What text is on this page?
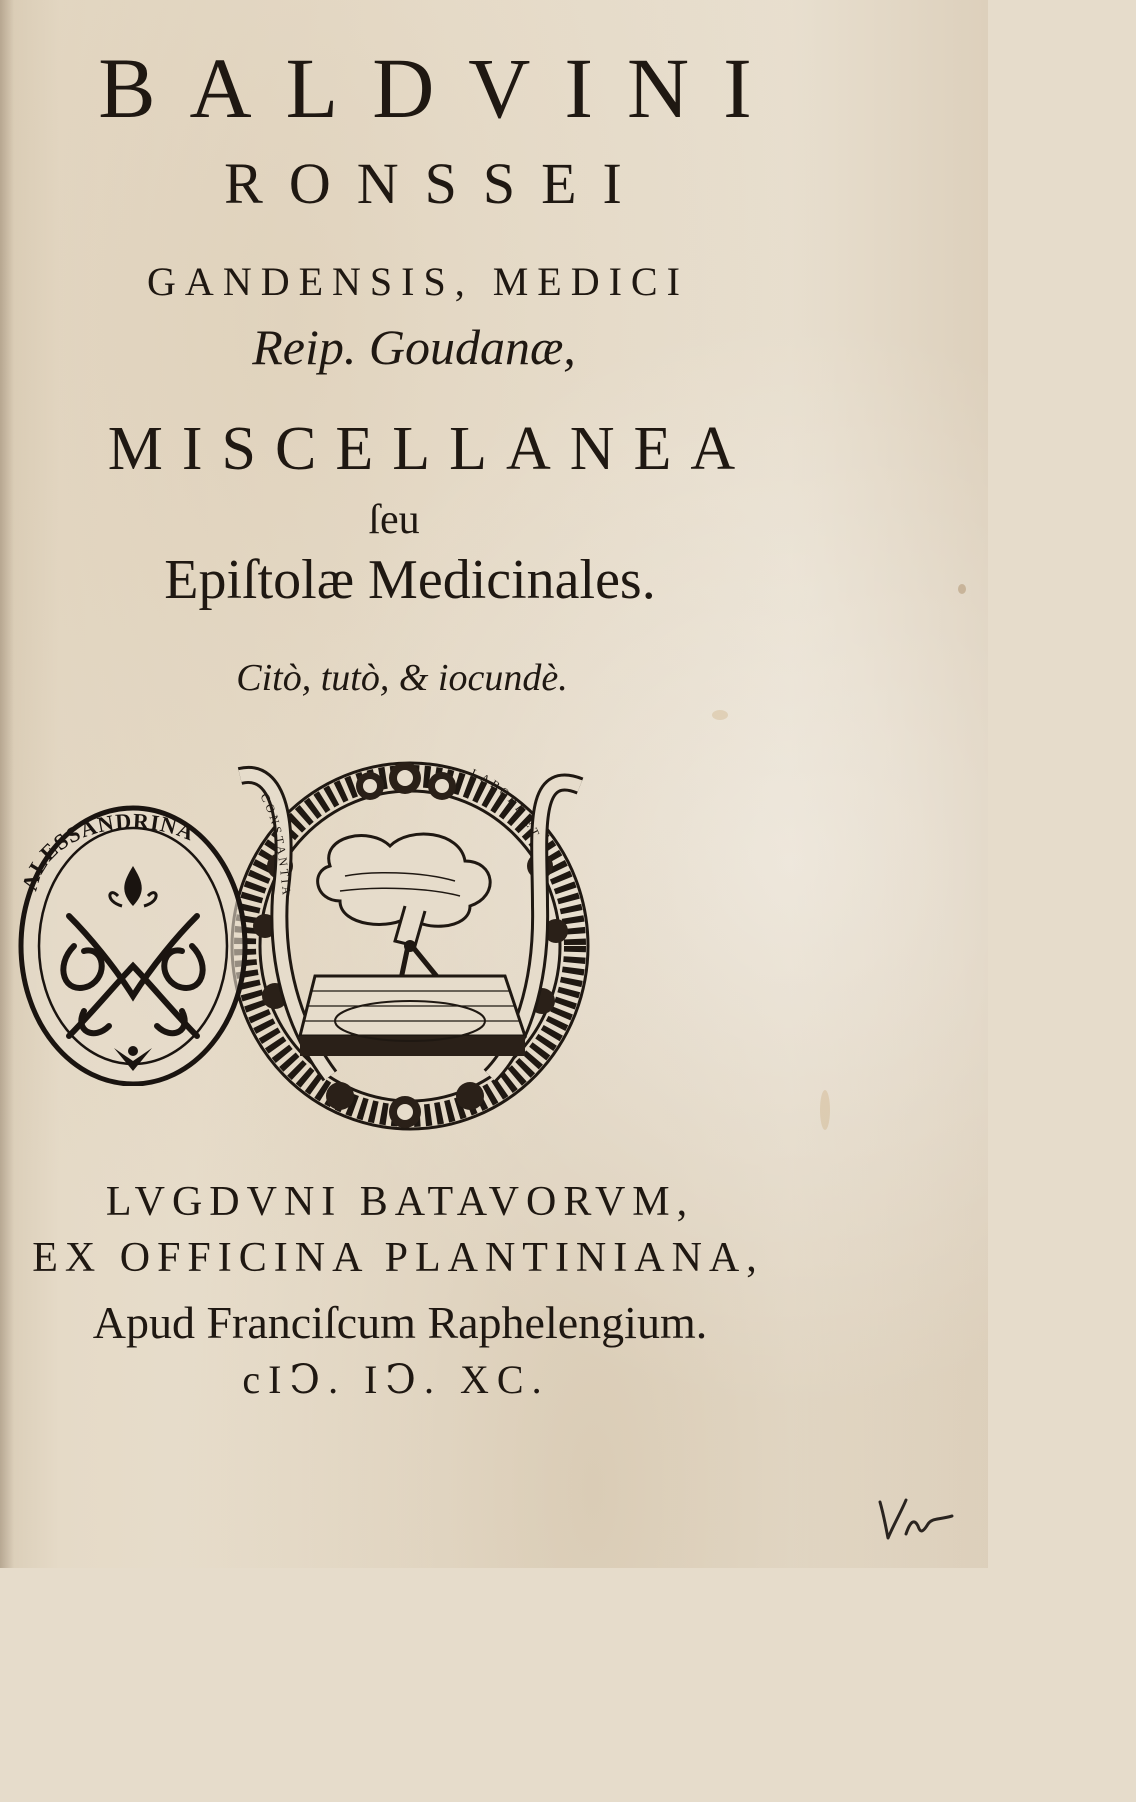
BALDVINI
RONSSEI
GANDENSIS, MEDICI
Reip. Goudanæ,
MISCELLANEA
ſeu
Epiſtolæ Medicinales.
Citò, tutò, & iocundè.
CONSTANTIA
LABORE ET
ALESSANDRINA
LVGDVNI BATAVORVM,
EX OFFICINA PLANTINIANA,
Apud Franciſcum Raphelengium.
cIↃ. IↃ. XC.
